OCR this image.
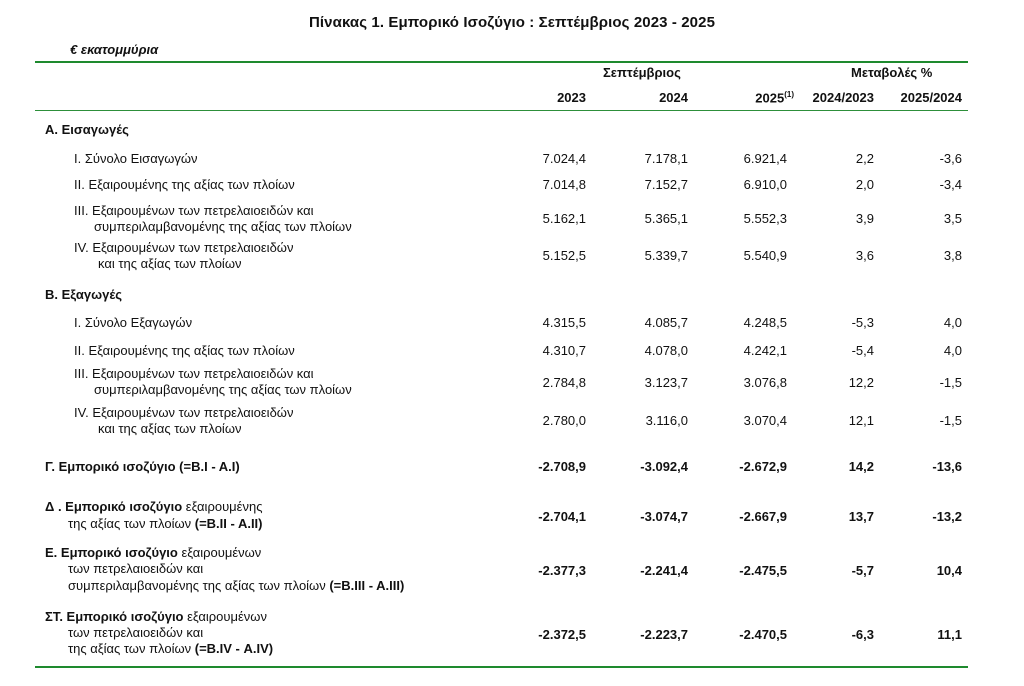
Πίνακας 1. Εμπορικό Ισοζύγιο : Σεπτέμβριος 2023 - 2025
€ εκατομμύρια
Σεπτέμβριος	Μεταβολές %
2023	2024	2025$^{(1)}$	2024/2023	2025/2024
Α. Εισαγωγές
I. Σύνολο Εισαγωγών	7.024,4	7.178,1	6.921,4	2,2	-3,6
II. Εξαιρουμένης της αξίας των πλοίων	7.014,8	7.152,7	6.910,0	2,0	-3,4
III. Εξαιρουμένων των πετρελαιοειδών και
συμπεριλαμβανομένης της αξίας των πλοίων
5.162,1	5.365,1	5.552,3	3,9	3,5
IV. Εξαιρουμένων των πετρελαιοειδών
και της αξίας των πλοίων
5.152,5	5.339,7	5.540,9	3,6	3,8
Β. Εξαγωγές
I. Σύνολο Εξαγωγών	4.315,5	4.085,7	4.248,5	-5,3	4,0
II. Εξαιρουμένης της αξίας των πλοίων	4.310,7	4.078,0	4.242,1	-5,4	4,0
III. Εξαιρουμένων των πετρελαιοειδών και
συμπεριλαμβανομένης της αξίας των πλοίων	2.784,8	3.123,7	3.076,8	12,2	-1,5
IV. Εξαιρουμένων των πετρελαιοειδών
και της αξίας των πλοίων
2.780,0	3.116,0	3.070,4	12,1	-1,5
Γ. Εμπορικό ισοζύγιο (=Β.Ι - Α.Ι)	-2.708,9	-3.092,4	-2.672,9	14,2	-13,6
Δ . Εμπορικό ισοζύγιο εξαιρουμένης
της αξίας των πλοίων (=Β.ΙΙ - Α.ΙΙ)	-2.704,1	-3.074,7	-2.667,9	13,7	-13,2
Ε. Εμπορικό ισοζύγιο εξαιρουμένων
των πετρελαιοειδών και
συμπεριλαμβανομένης της αξίας των πλοίων (=Β.ΙΙΙ - Α.ΙΙΙ)
-2.377,3	-2.241,4	-2.475,5	-5,7	10,4
ΣΤ. Εμπορικό ισοζύγιο εξαιρουμένων
των πετρελαιοειδών και
της αξίας των πλοίων (=Β.ΙV - Α.ΙV)
-2.372,5	-2.223,7	-2.470,5	-6,3	11,1
